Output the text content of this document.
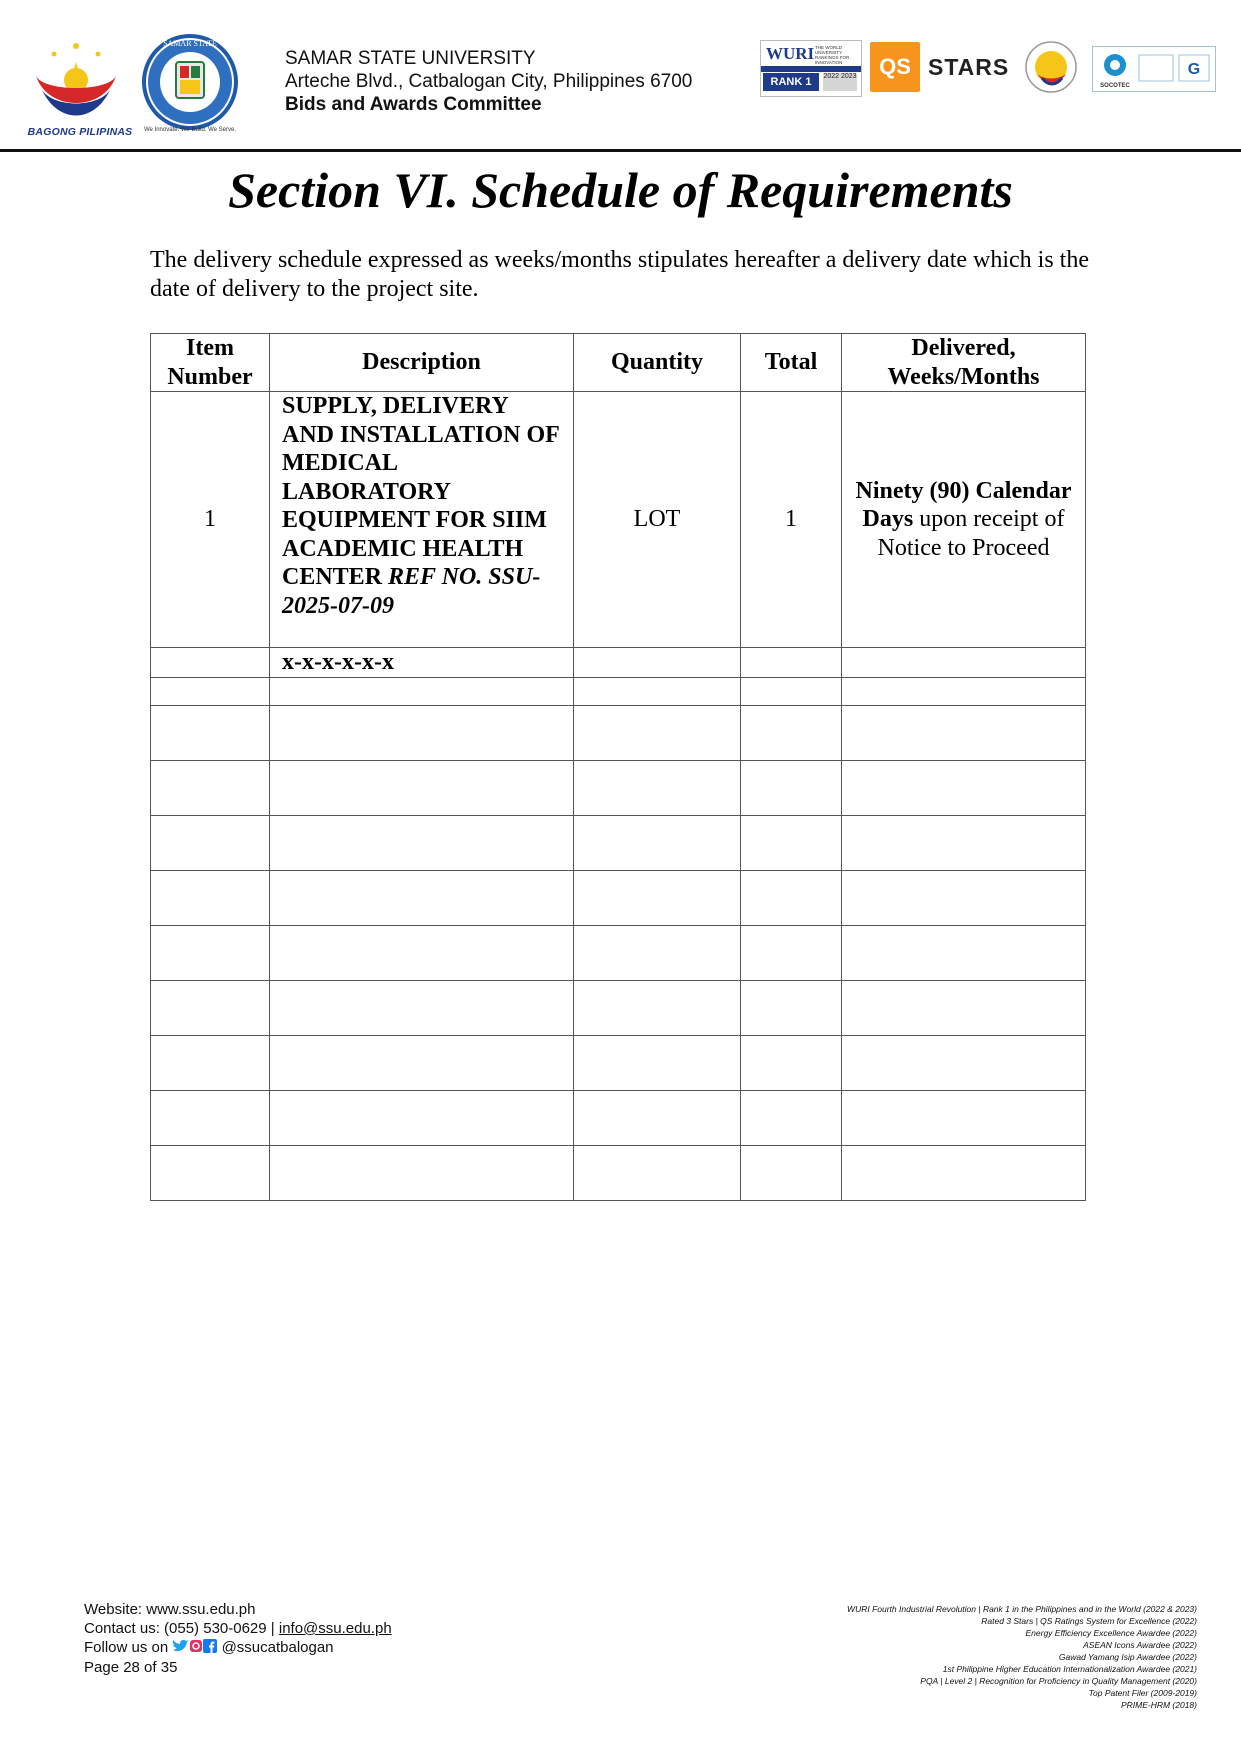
BAGONG PILIPINAS
SAMAR STATE
We Innovate. We Build. We Serve.
SAMAR STATE UNIVERSITY
Arteche Blvd., Catbalogan City, Philippines 6700
Bids and Awards Committee
WURI THE WORLD UNIVERSITY RANKINGS FOR INNOVATION
RANK 1	2022 2023	QS STARS
SOCOTEC
G
Section VI. Schedule of Requirements
The delivery schedule expressed as weeks/months stipulates hereafter a delivery date which is the date of delivery to the project site.
Item Number	Description	Quantity	Total	Delivered, Weeks/Months
1	SUPPLY, DELIVERY AND INSTALLATION OF MEDICAL LABORATORY EQUIPMENT FOR SIIM ACADEMIC HEALTH CENTER REF NO. SSU-2025-07-09	LOT	1	Ninety (90) Calendar Days upon receipt of Notice to Proceed
	x-x-x-x-x-x			

Website: www.ssu.edu.ph
Contact us: (055) 530-0629 | info@ssu.edu.ph
Follow us on	@ssucatbalogan
Page 28 of 35
WURI Fourth Industrial Revolution | Rank 1 in the Philippines and in the World (2022 & 2023)
Rated 3 Stars | QS Ratings System for Excellence (2022)
Energy Efficiency Excellence Awardee (2022)
ASEAN Icons Awardee (2022)
Gawad Yamang Isip Awardee (2022)
1st Philippine Higher Education Internationalization Awardee (2021)
PQA | Level 2 | Recognition for Proficiency in Quality Management (2020)
Top Patent Filer (2009-2019)
PRIME-HRM (2018)
